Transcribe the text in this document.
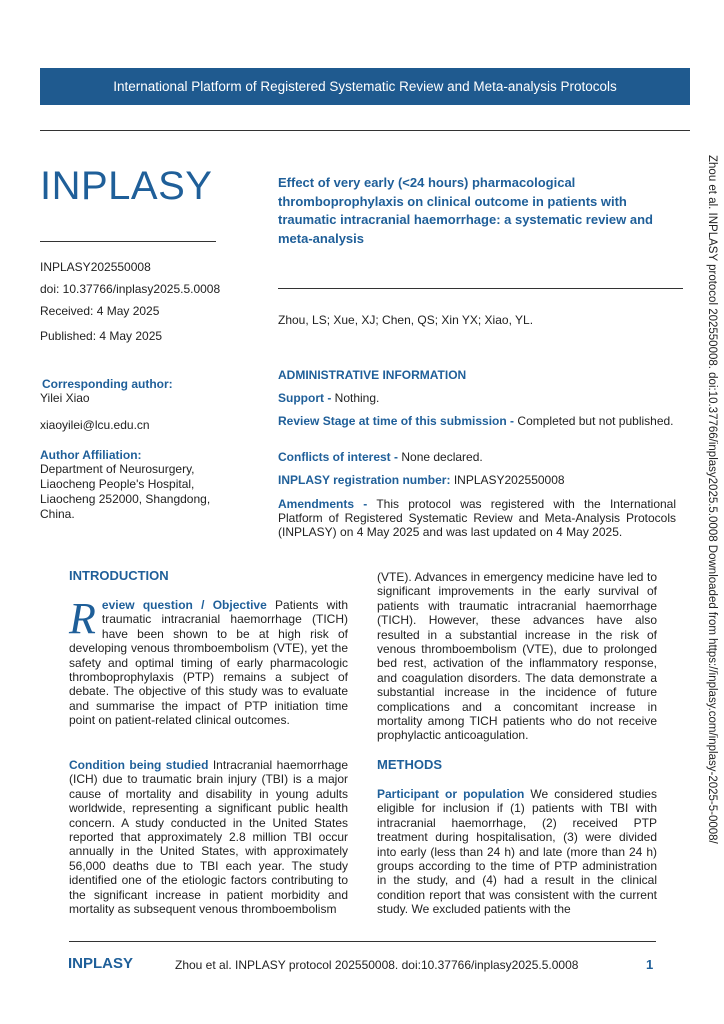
International Platform of Registered Systematic Review and Meta-analysis Protocols
INPLASY	Effect of very early (<24 hours) pharmacological thromboprophylaxis on clinical outcome in patients with traumatic intracranial haemorrhage: a systematic review and meta-analysis
INPLASY202550008
doi: 10.37766/inplasy2025.5.0008
Received: 4 May 2025
Published: 4 May 2025
Zhou, LS; Xue, XJ; Chen, QS; Xin YX; Xiao, YL.
Corresponding author:
Yilei Xiao
xiaoyilei@lcu.edu.cn
Author Affiliation:
Department of Neurosurgery, Liaocheng People's Hospital, Liaocheng 252000, Shangdong, China.
ADMINISTRATIVE INFORMATION
Support - Nothing.
Review Stage at time of this submission - Completed but not published.
Conflicts of interest - None declared.
INPLASY registration number: INPLASY202550008
Amendments - This protocol was registered with the International Platform of Registered Systematic Review and Meta-Analysis Protocols (INPLASY) on 4 May 2025 and was last updated on 4 May 2025.
INTRODUCTION
Review question / Objective Patients with traumatic intracranial haemorrhage (TICH) have been shown to be at high risk of developing venous thromboembolism (VTE), yet the safety and optimal timing of early pharmacologic thromboprophylaxis (PTP) remains a subject of debate. The objective of this study was to evaluate and summarise the impact of PTP initiation time point on patient-related clinical outcomes.
Condition being studied Intracranial haemorrhage (ICH) due to traumatic brain injury (TBI) is a major cause of mortality and disability in young adults worldwide, representing a significant public health concern. A study conducted in the United States reported that approximately 2.8 million TBI occur annually in the United States, with approximately 56,000 deaths due to TBI each year. The study identified one of the etiologic factors contributing to the significant increase in patient morbidity and mortality as subsequent venous thromboembolism
(VTE). Advances in emergency medicine have led to significant improvements in the early survival of patients with traumatic intracranial haemorrhage (TICH). However, these advances have also resulted in a substantial increase in the risk of venous thromboembolism (VTE), due to prolonged bed rest, activation of the inflammatory response, and coagulation disorders. The data demonstrate a substantial increase in the incidence of future complications and a concomitant increase in mortality among TICH patients who do not receive prophylactic anticoagulation.
METHODS
Participant or population We considered studies eligible for inclusion if (1) patients with TBI with intracranial haemorrhage, (2) received PTP treatment during hospitalisation, (3) were divided into early (less than 24 h) and late (more than 24 h) groups according to the time of PTP administration in the study, and (4) had a result in the clinical condition report that was consistent with the current study. We excluded patients with the
Zhou et al. INPLASY protocol 202550008. doi:10.37766/inplasy2025.5.0008 Downloaded from https://inplasy.com/inplasy-2025-5-0008/
INPLASY	Zhou et al. INPLASY protocol 202550008. doi:10.37766/inplasy2025.5.0008	1
